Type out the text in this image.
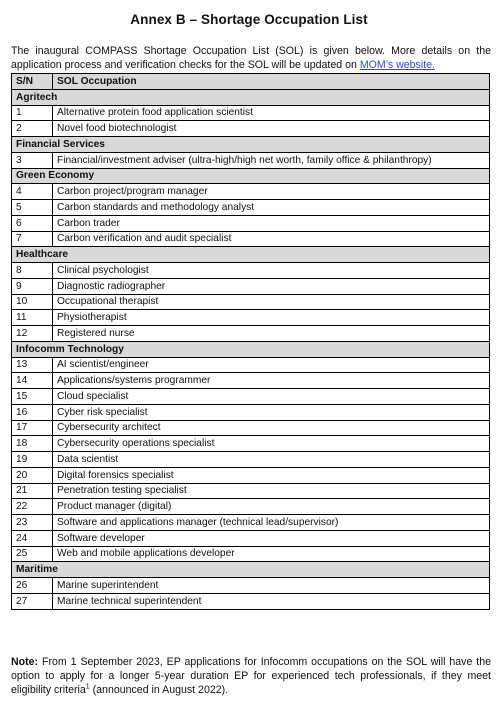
Annex B – Shortage Occupation List
The inaugural COMPASS Shortage Occupation List (SOL) is given below. More details on the application process and verification checks for the SOL will be updated on MOM’s website.
S/N	SOL Occupation
Agritech	
1	Alternative protein food application scientist
2	Novel food biotechnologist
Financial Services	
3	Financial/investment adviser (ultra-high/high net worth, family office & philanthropy)
Green Economy	
4	Carbon project/program manager
5	Carbon standards and methodology analyst
6	Carbon trader
7	Carbon verification and audit specialist
Healthcare	
8	Clinical psychologist
9	Diagnostic radiographer
10	Occupational therapist
11	Physiotherapist
12	Registered nurse
Infocomm Technology	
13	AI scientist/engineer
14	Applications/systems programmer
15	Cloud specialist
16	Cyber risk specialist
17	Cybersecurity architect
18	Cybersecurity operations specialist
19	Data scientist
20	Digital forensics specialist
21	Penetration testing specialist
22	Product manager (digital)
23	Software and applications manager (technical lead/supervisor)
24	Software developer
25	Web and mobile applications developer
Maritime	
26	Marine superintendent
27	Marine technical superintendent
Note: From 1 September 2023, EP applications for Infocomm occupations on the SOL will have the option to apply for a longer 5-year duration EP for experienced tech professionals, if they meet eligibility criteria$^1$ (announced in August 2022).
